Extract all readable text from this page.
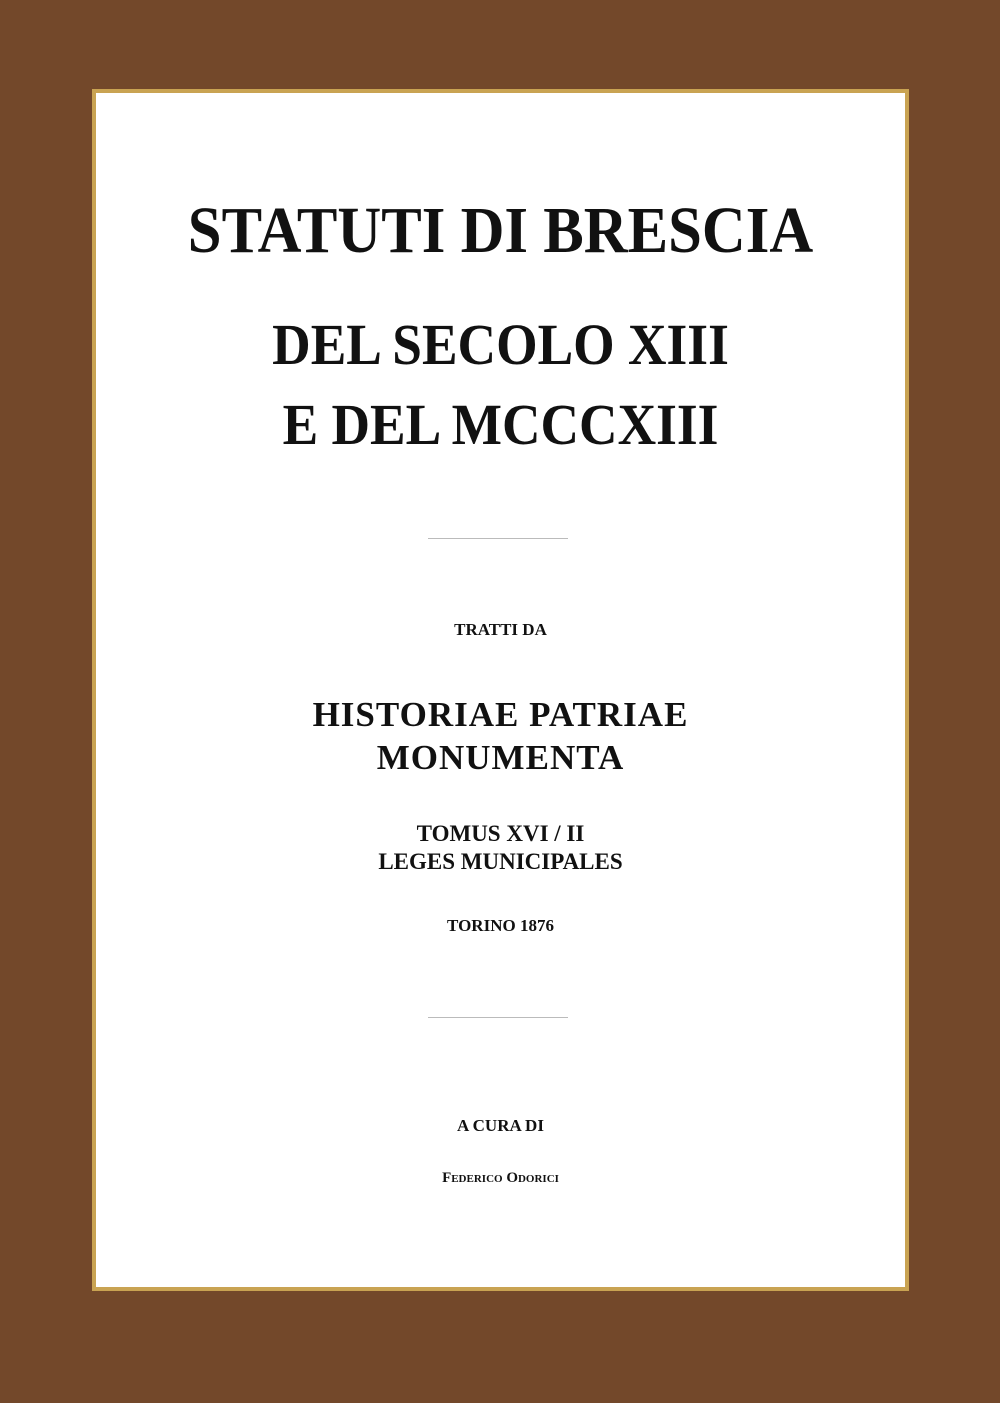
STATUTI DI BRESCIA
DEL SECOLO XIII
E DEL MCCCXIII
TRATTI DA
HISTORIAE PATRIAE
MONUMENTA
TOMUS XVI / II
LEGES MUNICIPALES
TORINO 1876
A CURA DI
Federico Odorici
